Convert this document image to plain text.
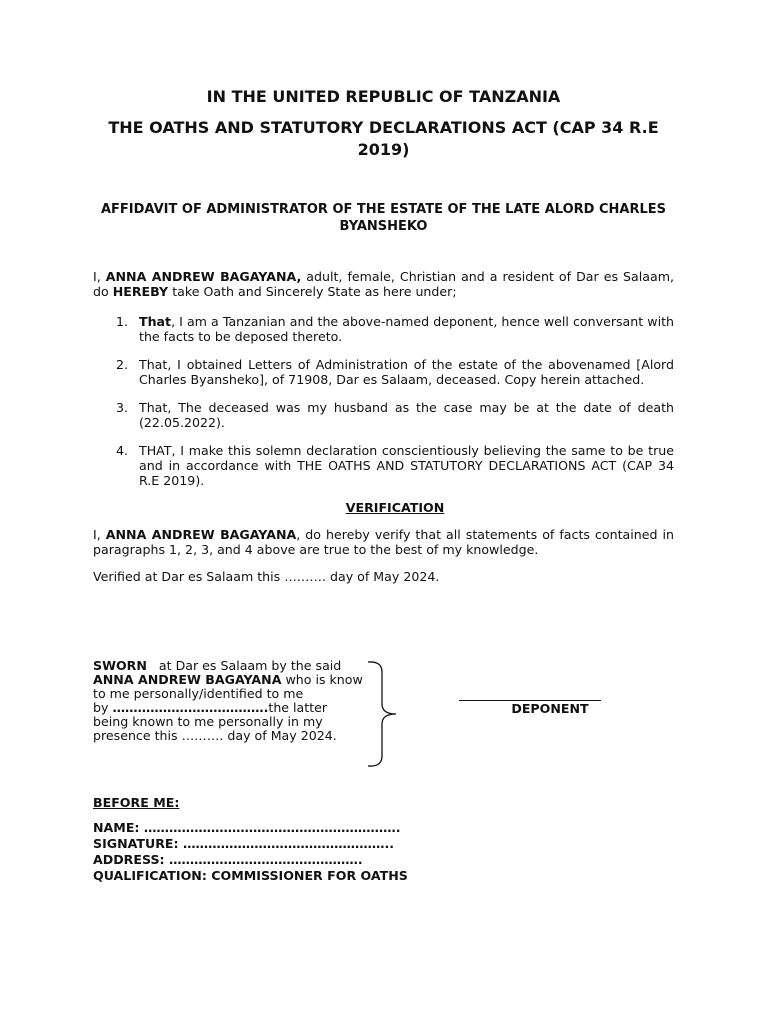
IN THE UNITED REPUBLIC OF TANZANIA
THE OATHS AND STATUTORY DECLARATIONS ACT (CAP 34 R.E 2019)
AFFIDAVIT OF ADMINISTRATOR OF THE ESTATE OF THE LATE ALORD CHARLES BYANSHEKO
I, ANNA ANDREW BAGAYANA, adult, female, Christian and a resident of Dar es Salaam, do HEREBY take Oath and Sincerely State as here under;
1. That, I am a Tanzanian and the above-named deponent, hence well conversant with the facts to be deposed thereto.
2. That, I obtained Letters of Administration of the estate of the abovenamed [Alord Charles Byansheko], of 71908, Dar es Salaam, deceased. Copy herein attached.
3. That, The deceased was my husband as the case may be at the date of death (22.05.2022).
4. THAT, I make this solemn declaration conscientiously believing the same to be true and in accordance with THE OATHS AND STATUTORY DECLARATIONS ACT (CAP 34 R.E 2019).
VERIFICATION
I, ANNA ANDREW BAGAYANA, do hereby verify that all statements of facts contained in paragraphs 1, 2, 3, and 4 above are true to the best of my knowledge.
Verified at Dar es Salaam this ………. day of May 2024.
SWORN   at Dar es Salaam by the said
ANNA ANDREW BAGAYANA who is know
to me personally/identified to me
by ……………………………….the latter
being known to me personally in my
presence this ………. day of May 2024.
DEPONENT
BEFORE ME:
NAME: …………………………………………………….
SIGNATURE: …………………………………………..
ADDRESS: ……………………………………….
QUALIFICATION: COMMISSIONER FOR OATHS
